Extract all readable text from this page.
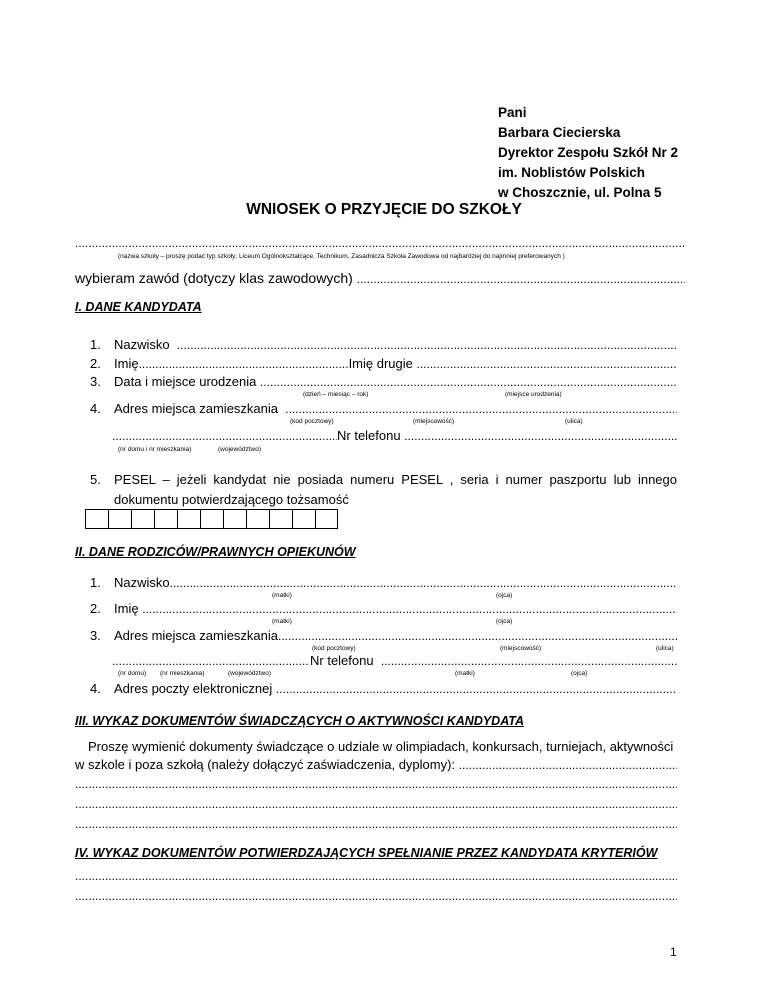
Pani
Barbara Ciecierska
Dyrektor Zespołu Szkół Nr 2
im. Noblistów Polskich
w Choszcznie, ul. Polna 5
WNIOSEK O PRZYJĘCIE DO SZKOŁY
.....
(nazwa szkoły – proszę podać typ szkoły: Liceum Ogólnokształcące, Technikum, Zasadnicza Szkoła Zawodowa od najbardziej do najmniej preferowanych )
wybieram zawód (dotyczy klas zawodowych)

.....
I. DANE KANDYDATA
1.	Nazwisko

.....
2.	Imię
.....	Imię drugie

.....
3.	Data i miejsce urodzenia

.....
(dzień – miesiąc – rok)	(miejsce urodzenia)
4.	Adres miejsca zamieszkania

.....
(kod pocztowy)	(miejscowość)	(ulica)
.....
Nr telefonu

.....
(nr domu i nr mieszkania)	(województwo)
5.	PESEL – jeżeli kandydat nie posiada numeru PESEL , seria i numer paszportu lub innego dokumentu potwierdzającego tożsamość
II. DANE RODZICÓW/PRAWNYCH OPIEKUNÓW
1.	Nazwisko
.....
(matki)	(ojca)
2.	Imię

.....
(matki)	(ojca)
3.	Adres miejsca zamieszkania
.....
(kod pocztowy)	(miejscowość)	(ulica)
.....
Nr telefonu

.....
(nr domu) (nr mieszkania)	(województwo)	(matki)	(ojca)
4.	Adres poczty elektronicznej

.....
III. WYKAZ DOKUMENTÓW ŚWIADCZĄCYCH O AKTYWNOŚCI KANDYDATA
Proszę wymienić dokumenty świadczące o udziale w olimpiadach, konkursach, turniejach, aktywności
w szkole i poza szkołą (należy dołączyć zaświadczenia, dyplomy):

.....
.....
.....
.....
IV. WYKAZ DOKUMENTÓW POTWIERDZAJĄCYCH SPEŁNIANIE PRZEZ KANDYDATA KRYTERIÓW
.....
.....
1
